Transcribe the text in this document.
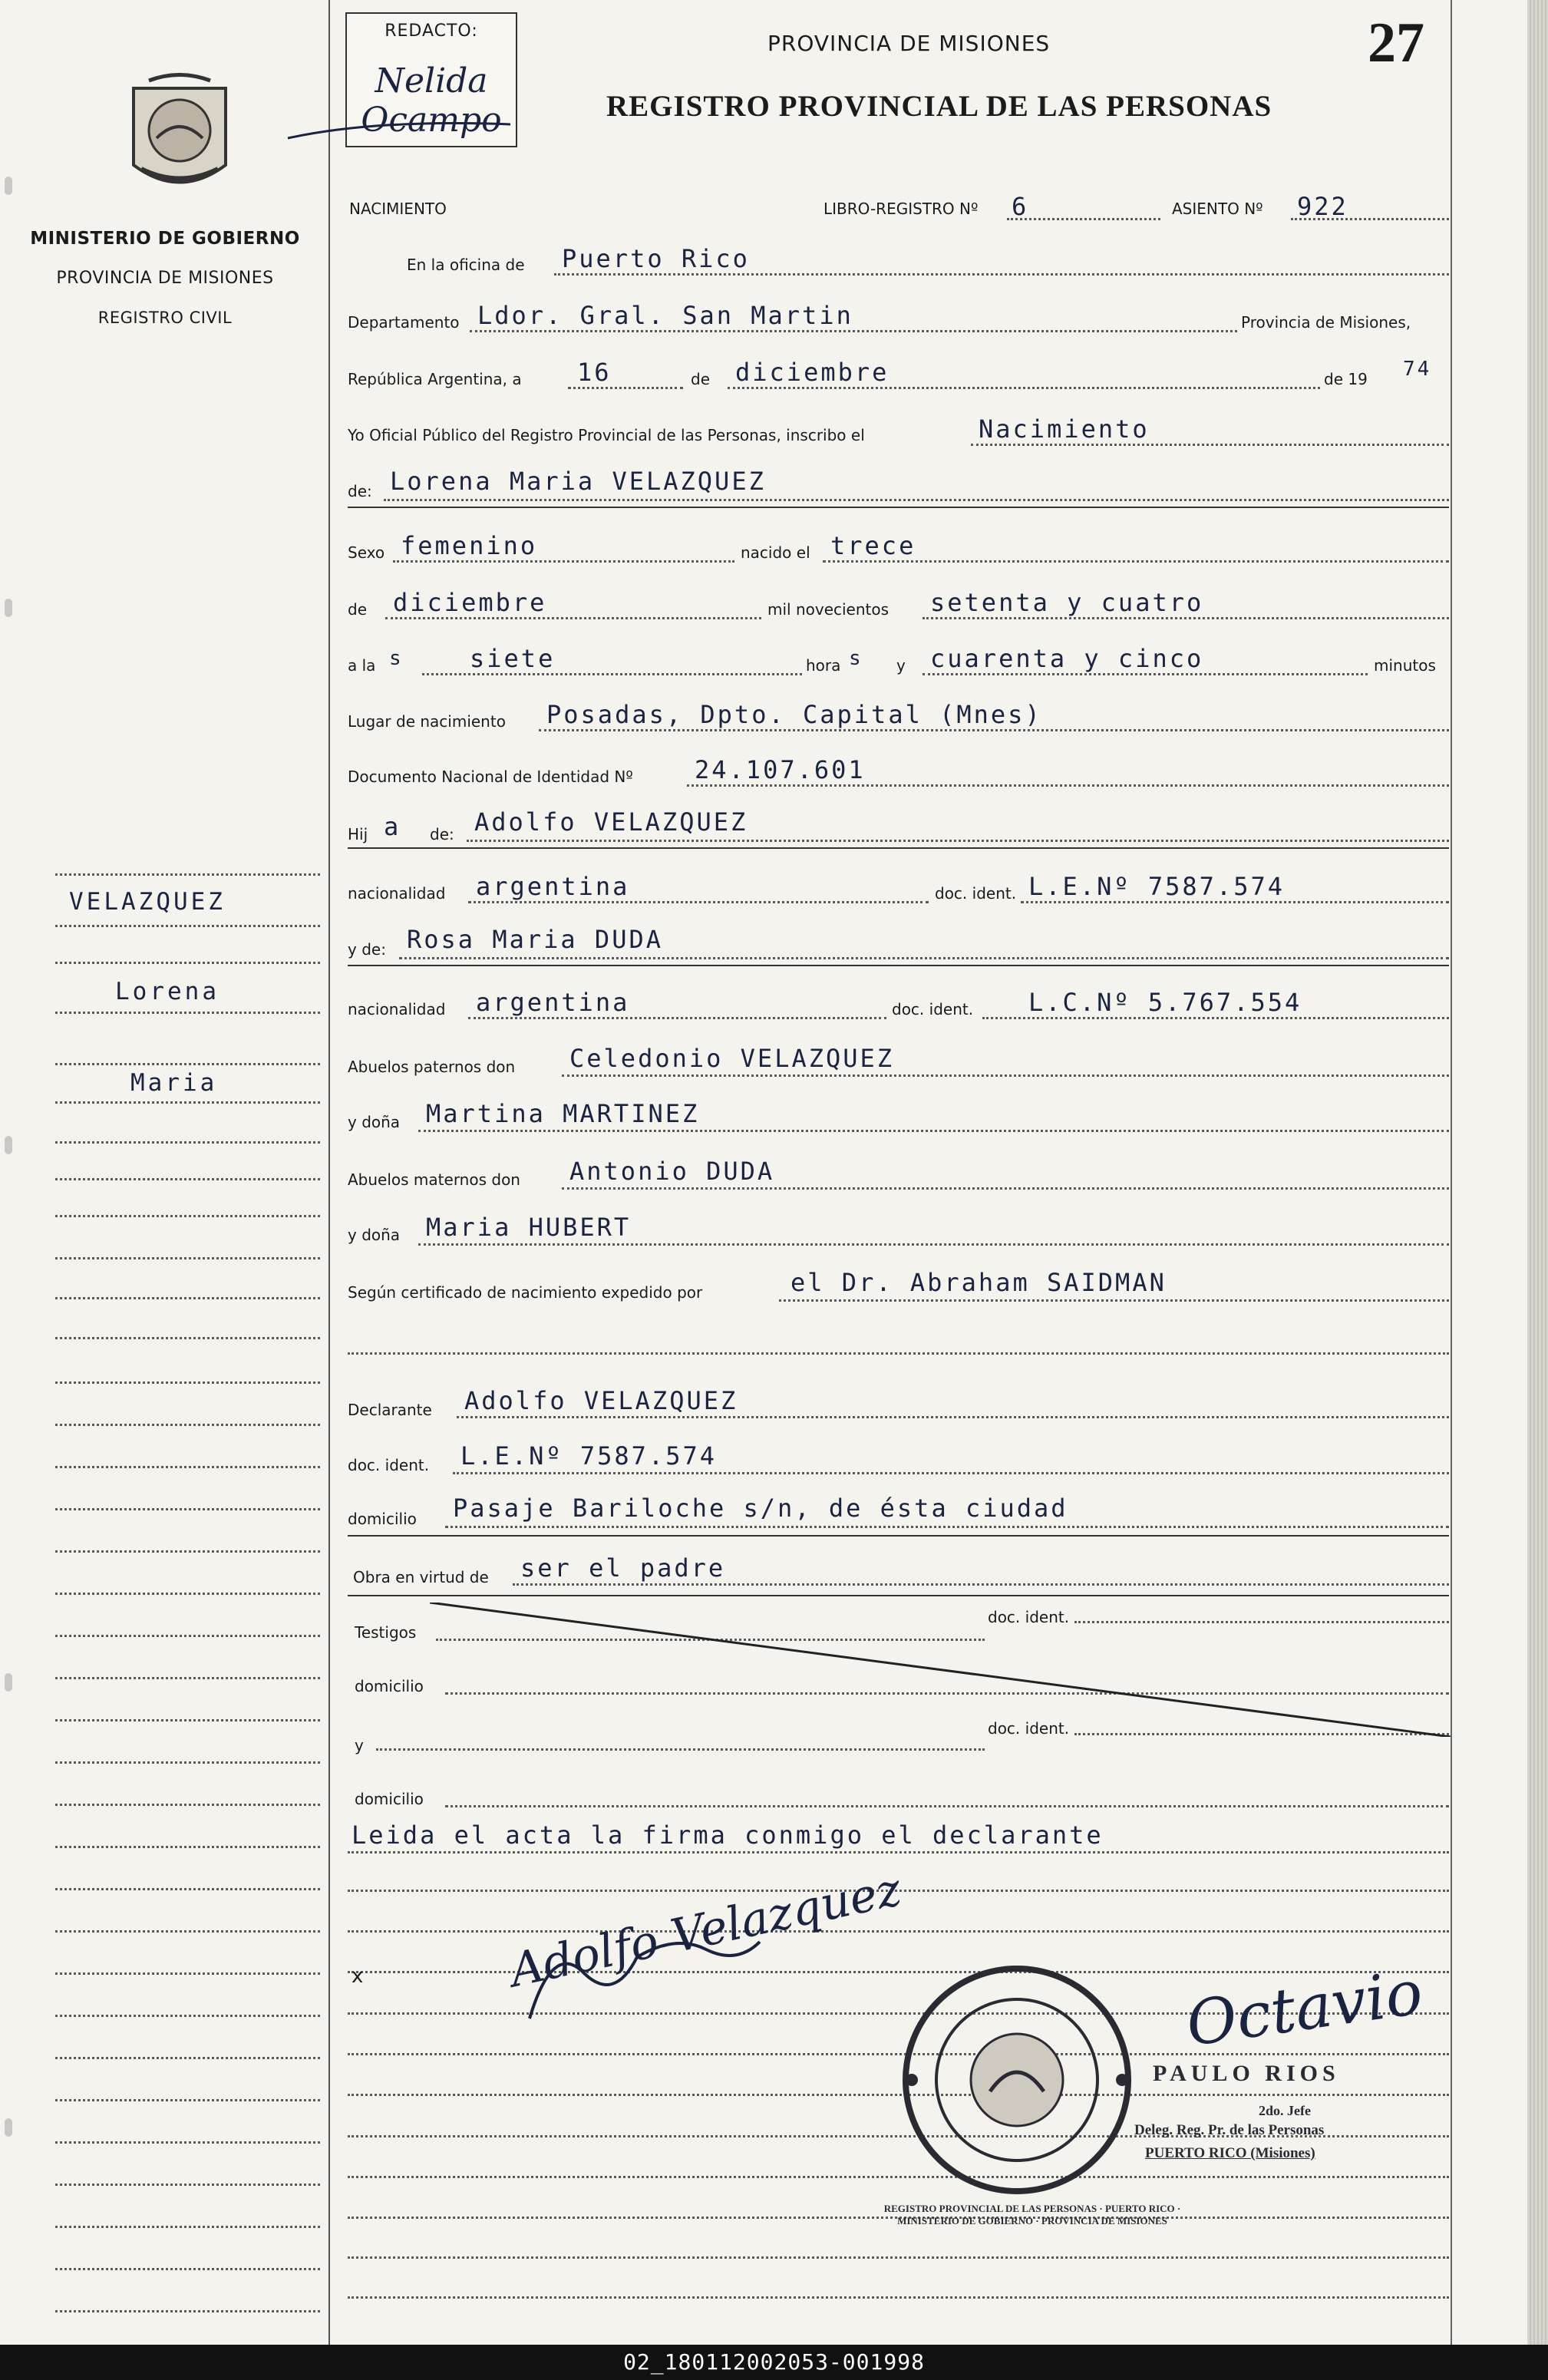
REDACTO:
Nelida Ocampo
PROVINCIA DE MISIONES
REGISTRO PROVINCIAL DE LAS PERSONAS
27
MINISTERIO DE GOBIERNO
PROVINCIA DE MISIONES
REGISTRO CIVIL
VELAZQUEZ
Lorena
Maria
NACIMIENTO	LIBRO-REGISTRO Nº 6	ASIENTO Nº 922
En la oficina de Puerto Rico
Departamento Ldor. Gral. San Martin	Provincia de Misiones,
República Argentina, a 16	de diciembre	de 19 74
Yo Oficial Público del Registro Provincial de las Personas, inscribo el	Nacimiento
de: Lorena Maria VELAZQUEZ
Sexo femenino	nacido el trece
de diciembre	mil novecientos setenta y cuatro
a la s	siete	hora s y cuarenta y cinco	minutos
Lugar de nacimiento Posadas, Dpto. Capital (Mnes)
Documento Nacional de Identidad Nº	24.107.601
Hij a de: Adolfo VELAZQUEZ
nacionalidad argentina	doc. ident. L.E.Nº 7587.574
y de: Rosa Maria DUDA
nacionalidad argentina	doc. ident. L.C.Nº 5.767.554
Abuelos paternos don Celedonio VELAZQUEZ
y doña Martina MARTINEZ
Abuelos maternos don Antonio DUDA
y doña Maria HUBERT
Según certificado de nacimiento expedido por	el Dr. Abraham SAIDMAN
Declarante Adolfo VELAZQUEZ
doc. ident. L.E.Nº 7587.574
domicilio Pasaje Bariloche s/n, de ésta ciudad
Obra en virtud de ser el padre
Testigos
doc. ident.
domicilio
y
doc. ident.
domicilio
Leida el acta la firma conmigo el declarante
x	Adolfo Velazquez
REGISTRO PROVINCIAL DE LAS PERSONAS · PUERTO RICO · MINISTERIO DE GOBIERNO · PROVINCIA DE MISIONES
Octavio
PAULO RIOS
2do. Jefe
Deleg. Reg. Pr. de las Personas
PUERTO RICO (Misiones)
02_180112002053-001998
